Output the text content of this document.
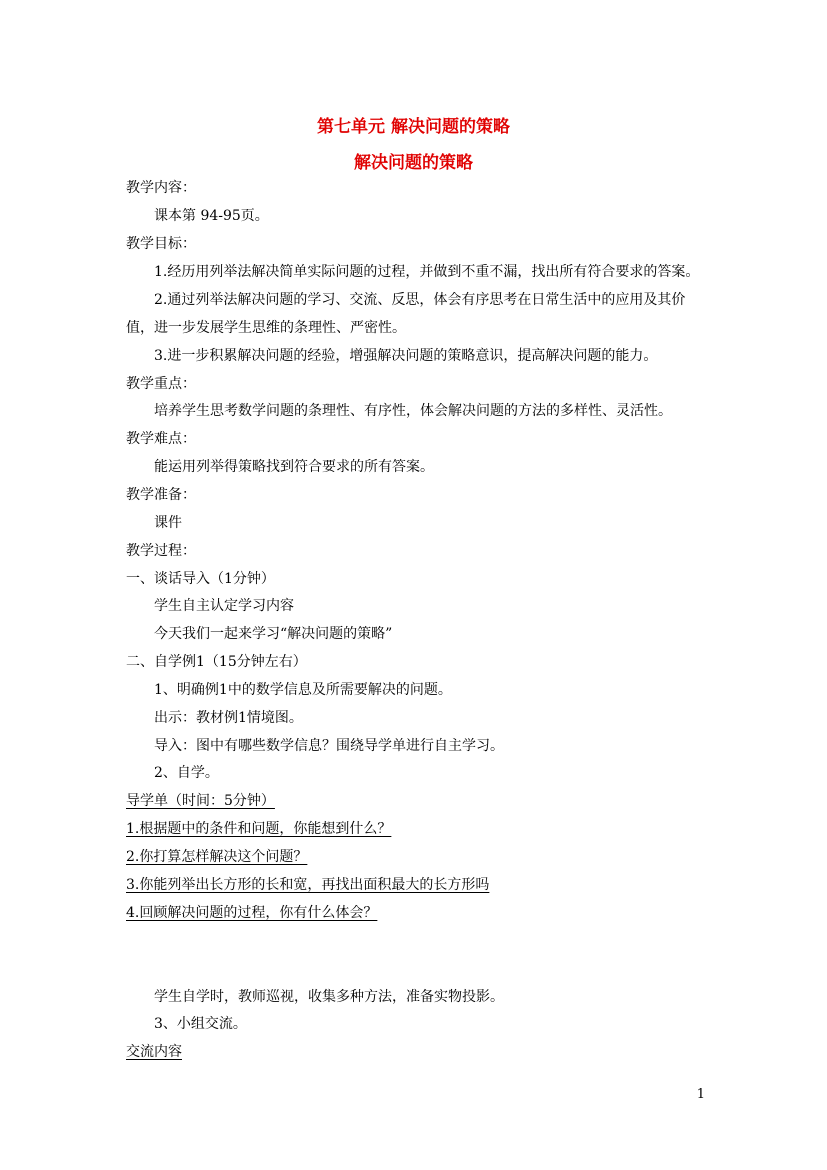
第七单元 解决问题的策略
解决问题的策略
教学内容：
课本第 94-95页。
教学目标：
1.经历用列举法解决简单实际问题的过程，并做到不重不漏，找出所有符合要求的答案。
2.通过列举法解决问题的学习、交流、反思，体会有序思考在日常生活中的应用及其价
值，进一步发展学生思维的条理性、严密性。
3.进一步积累解决问题的经验，增强解决问题的策略意识，提高解决问题的能力。
教学重点：
培养学生思考数学问题的条理性、有序性，体会解决问题的方法的多样性、灵活性。
教学难点：
能运用列举得策略找到符合要求的所有答案。
教学准备：
课件
教学过程：
一、谈话导入（1分钟）
学生自主认定学习内容
今天我们一起来学习“解决问题的策略”
二、自学例1（15分钟左右）
1、明确例1中的数学信息及所需要解决的问题。
出示：教材例1情境图。
导入：图中有哪些数学信息？围绕导学单进行自主学习。
2、自学。
导学单（时间：5分钟）
1.根据题中的条件和问题，你能想到什么？
2.你打算怎样解决这个问题？
3.你能列举出长方形的长和宽，再找出面积最大的长方形吗
4.回顾解决问题的过程，你有什么体会？
学生自学时，教师巡视，收集多种方法，准备实物投影。
3、小组交流。
交流内容
1
